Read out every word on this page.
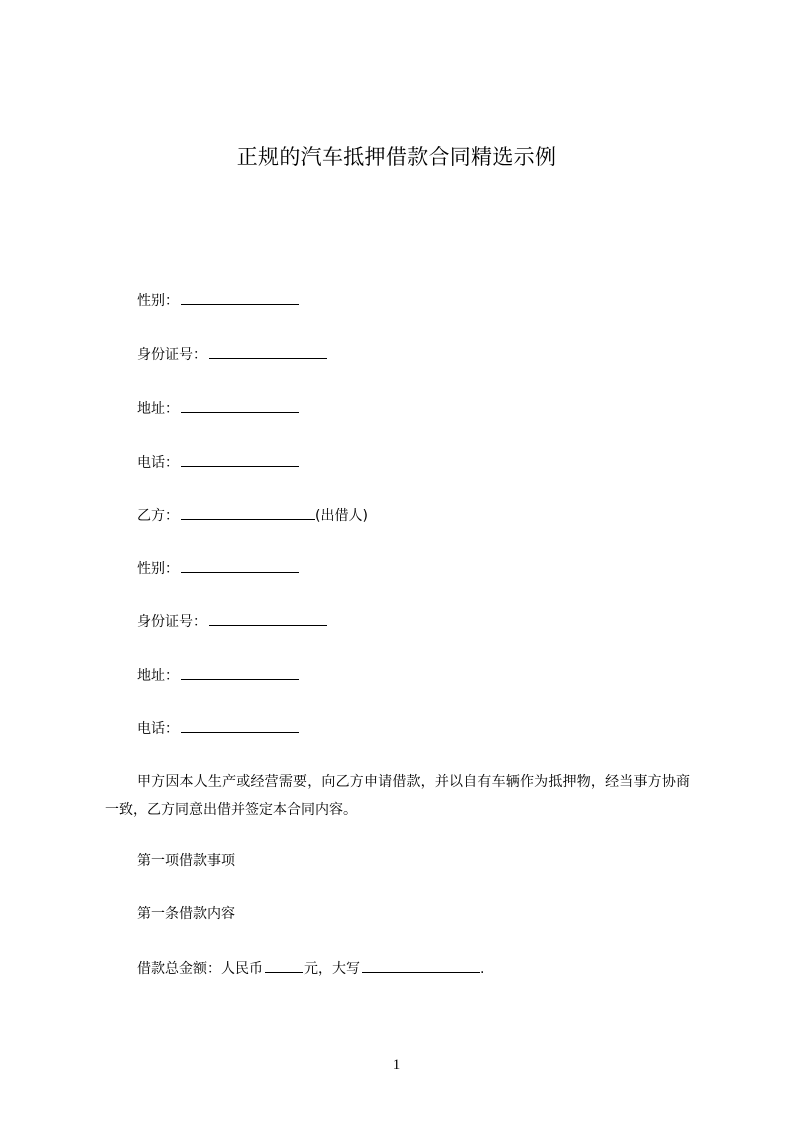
正规的汽车抵押借款合同精选示例
性别：
身份证号：
地址：
电话：
乙方：	(出借人)
性别：
身份证号：
地址：
电话：
甲方因本人生产或经营需要，向乙方申请借款，并以自有车辆作为抵押物，经当事方协商一致，乙方同意出借并签定本合同内容。
第一项借款事项
第一条借款内容
借款总金额：人民币	元，大写	.
1
